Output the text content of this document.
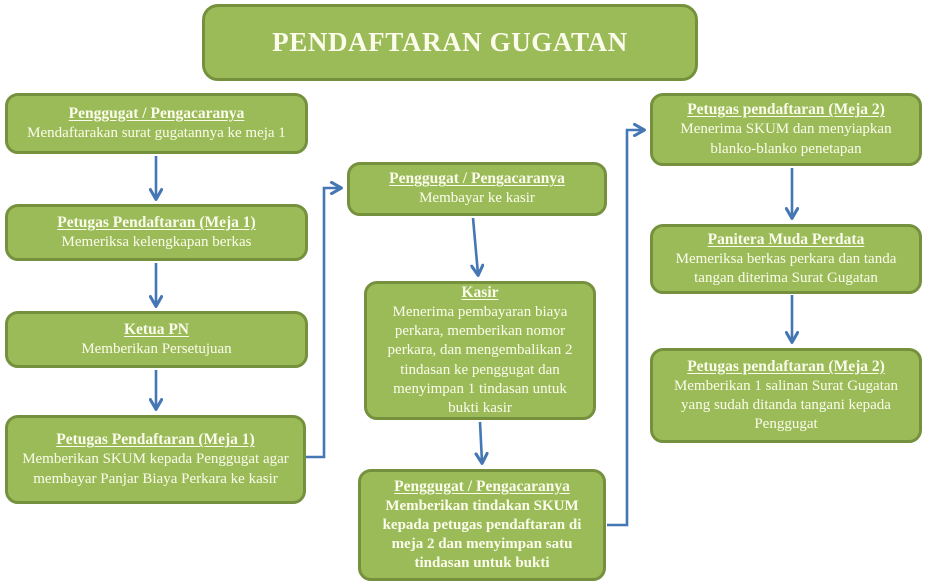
PENDAFTARAN GUGATAN
Penggugat / Pengacaranya
Mendaftarakan surat gugatannya ke meja 1
Petugas Pendaftaran (Meja 1)
Memeriksa kelengkapan berkas
Ketua PN
Memberikan Persetujuan
Petugas Pendaftaran (Meja 1)
Memberikan SKUM kepada Penggugat agar membayar Panjar Biaya Perkara ke kasir
Penggugat / Pengacaranya
Membayar ke kasir
Kasir
Menerima pembayaran biaya perkara, memberikan nomor perkara, dan mengembalikan 2 tindasan ke penggugat dan menyimpan 1 tindasan untuk bukti kasir
Penggugat / Pengacaranya
Memberikan tindakan SKUM kepada petugas pendaftaran di meja 2 dan menyimpan satu tindasan untuk bukti
Petugas pendaftaran (Meja 2)
Menerima SKUM dan menyiapkan blanko-blanko penetapan
Panitera Muda Perdata
Memeriksa berkas perkara dan tanda tangan diterima Surat Gugatan
Petugas pendaftaran (Meja 2)
Memberikan 1 salinan Surat Gugatan yang sudah ditanda tangani kepada Penggugat
